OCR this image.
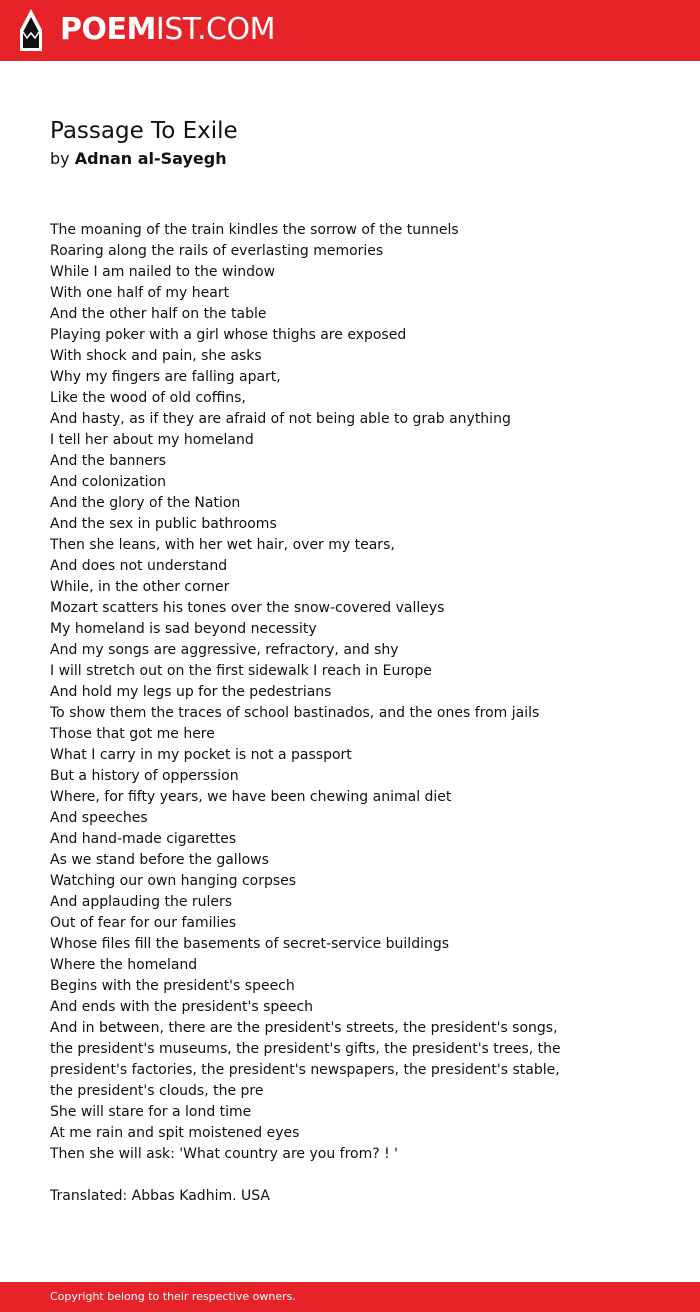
POEMIST.COM
Passage To Exile
by Adnan al-Sayegh
The moaning of the train kindles the sorrow of the tunnels
Roaring along the rails of everlasting memories
While I am nailed to the window
With one half of my heart
And the other half on the table
Playing poker with a girl whose thighs are exposed
With shock and pain, she asks
Why my fingers are falling apart,
Like the wood of old coffins,
And hasty, as if they are afraid of not being able to grab anything
I tell her about my homeland
And the banners
And colonization
And the glory of the Nation
And the sex in public bathrooms
Then she leans, with her wet hair, over my tears,
And does not understand
While, in the other corner
Mozart scatters his tones over the snow-covered valleys
My homeland is sad beyond necessity
And my songs are aggressive, refractory, and shy
I will stretch out on the first sidewalk I reach in Europe
And hold my legs up for the pedestrians
To show them the traces of school bastinados, and the ones from jails
Those that got me here
What I carry in my pocket is not a passport
But a history of opperssion
Where, for fifty years, we have been chewing animal diet
And speeches
And hand-made cigarettes
As we stand before the gallows
Watching our own hanging corpses
And applauding the rulers
Out of fear for our families
Whose files fill the basements of secret-service buildings
Where the homeland
Begins with the president's speech
And ends with the president's speech
And in between, there are the president's streets, the president's songs,
the president's museums, the president's gifts, the president's trees, the
president's factories, the president's newspapers, the president's stable,
the president's clouds, the pre
She will stare for a lond time
At me rain and spit moistened eyes
Then she will ask: 'What country are you from? ! '
Translated: Abbas Kadhim. USA
Copyright belong to their respective owners.
